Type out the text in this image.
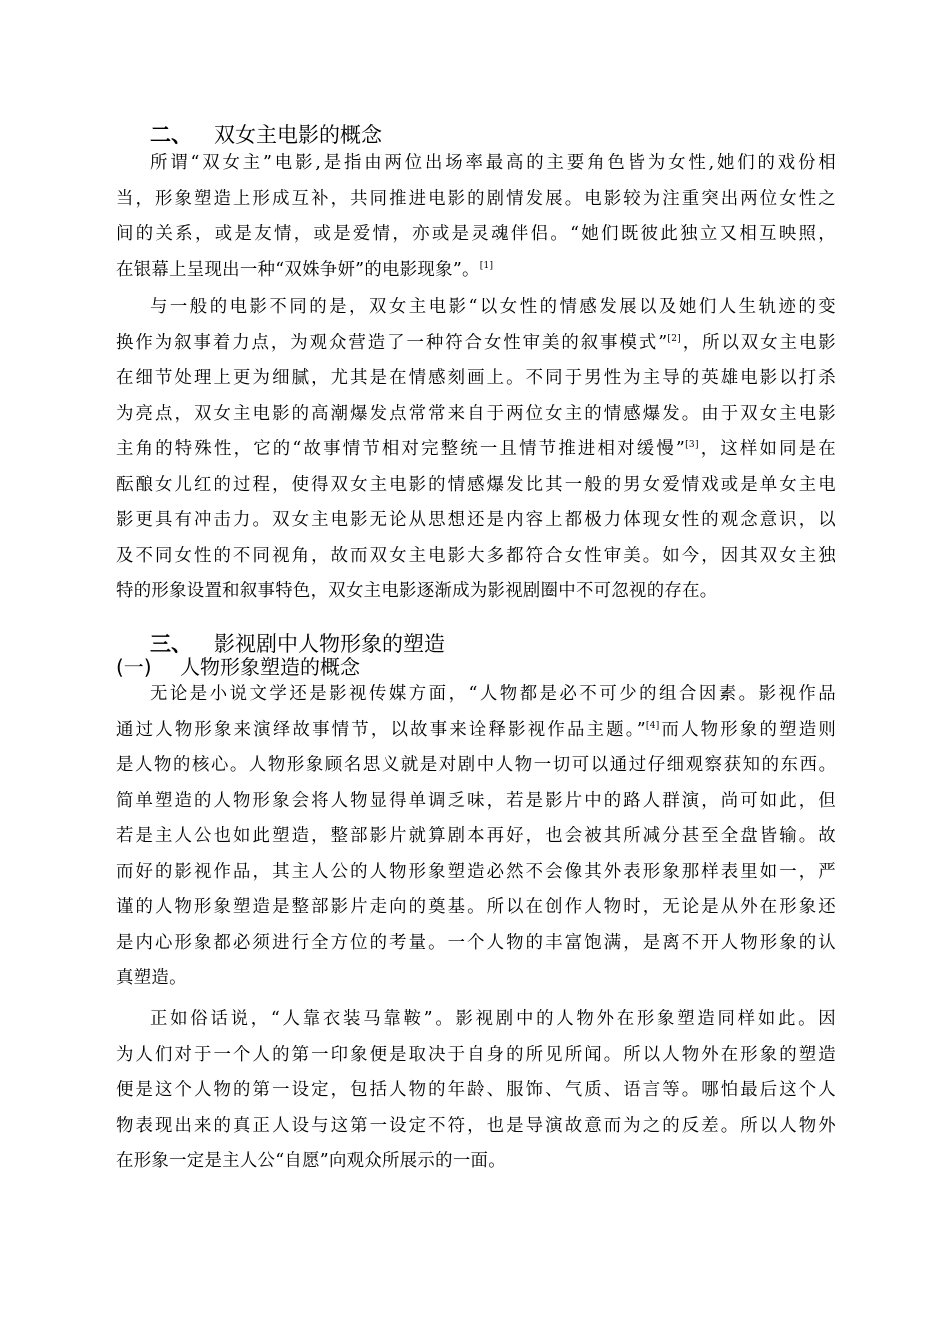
二、 双女主电影的概念
所谓“双女主”电影,是指由两位出场率最高的主要角色皆为女性,她们的戏份相
当，形象塑造上形成互补，共同推进电影的剧情发展。电影较为注重突出两位女性之
间的关系，或是友情，或是爱情，亦或是灵魂伴侣。“她们既彼此独立又相互映照，
在银幕上呈现出一种“双姝争妍”的电影现象”。[1]
与一般的电影不同的是，双女主电影“以女性的情感发展以及她们人生轨迹的变
换作为叙事着力点，为观众营造了一种符合女性审美的叙事模式”[2]，所以双女主电影
在细节处理上更为细腻，尤其是在情感刻画上。不同于男性为主导的英雄电影以打杀
为亮点，双女主电影的高潮爆发点常常来自于两位女主的情感爆发。由于双女主电影
主角的特殊性，它的“故事情节相对完整统一且情节推进相对缓慢”[3]，这样如同是在
酝酿女儿红的过程，使得双女主电影的情感爆发比其一般的男女爱情戏或是单女主电
影更具有冲击力。双女主电影无论从思想还是内容上都极力体现女性的观念意识，以
及不同女性的不同视角，故而双女主电影大多都符合女性审美。如今，因其双女主独
特的形象设置和叙事特色，双女主电影逐渐成为影视剧圈中不可忽视的存在。
三、 影视剧中人物形象的塑造
(一) 人物形象塑造的概念
无论是小说文学还是影视传媒方面，“人物都是必不可少的组合因素。影视作品
通过人物形象来演绎故事情节，以故事来诠释影视作品主题。”[4]而人物形象的塑造则
是人物的核心。人物形象顾名思义就是对剧中人物一切可以通过仔细观察获知的东西。
简单塑造的人物形象会将人物显得单调乏味，若是影片中的路人群演，尚可如此，但
若是主人公也如此塑造，整部影片就算剧本再好，也会被其所减分甚至全盘皆输。故
而好的影视作品，其主人公的人物形象塑造必然不会像其外表形象那样表里如一，严
谨的人物形象塑造是整部影片走向的奠基。所以在创作人物时，无论是从外在形象还
是内心形象都必须进行全方位的考量。一个人物的丰富饱满，是离不开人物形象的认
真塑造。
正如俗话说，“人靠衣装马靠鞍”。影视剧中的人物外在形象塑造同样如此。因
为人们对于一个人的第一印象便是取决于自身的所见所闻。所以人物外在形象的塑造
便是这个人物的第一设定，包括人物的年龄、服饰、气质、语言等。哪怕最后这个人
物表现出来的真正人设与这第一设定不符，也是导演故意而为之的反差。所以人物外
在形象一定是主人公“自愿”向观众所展示的一面。
